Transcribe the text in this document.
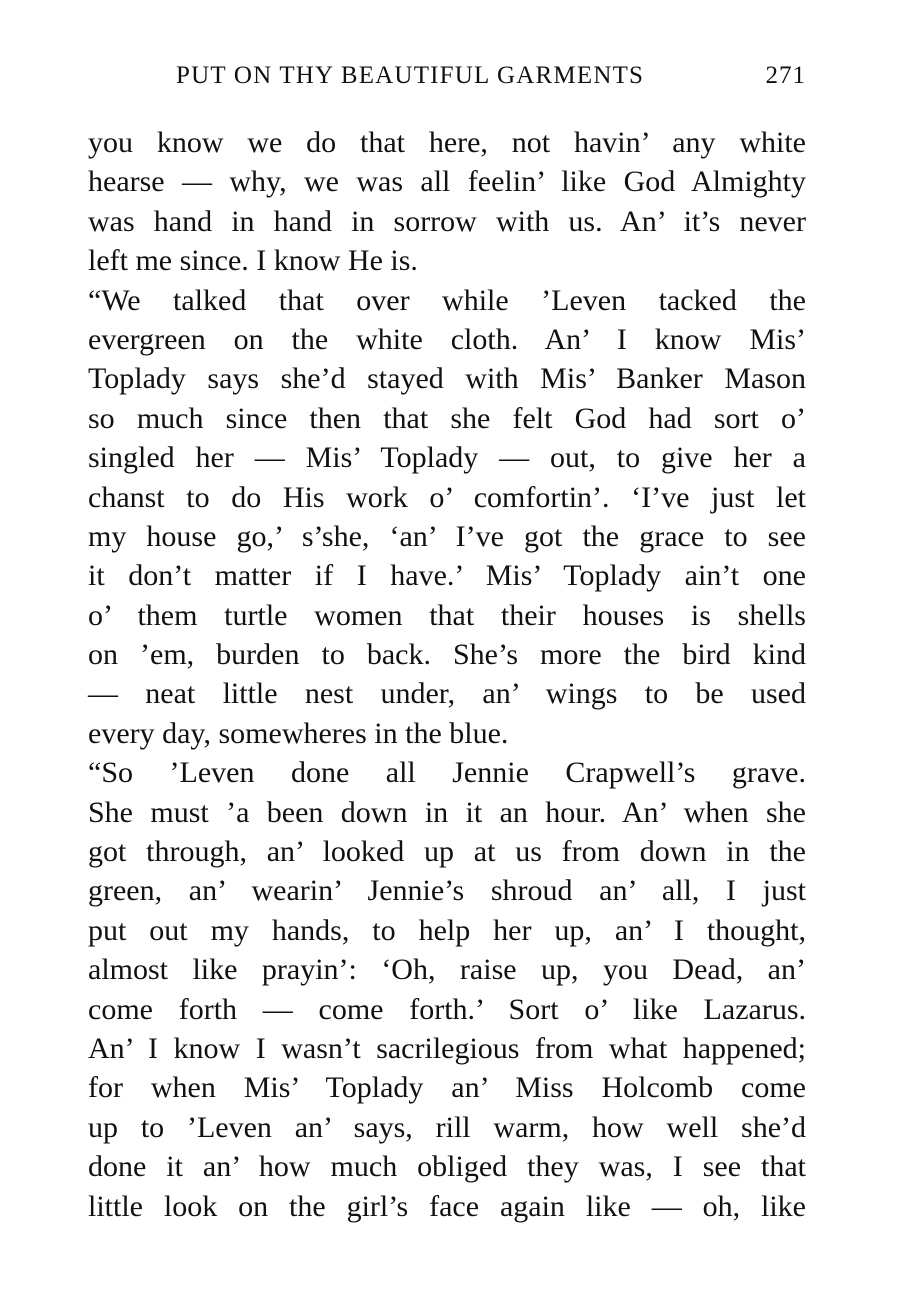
PUT ON THY BEAUTIFUL GARMENTS	271
you know we do that here, not havin’ any white
hearse — why, we was all feelin’ like God Almighty
was hand in hand in sorrow with us. An’ it’s never
left me since. I know He is.
“We talked that over while ’Leven tacked the
evergreen on the white cloth. An’ I know Mis’
Toplady says she’d stayed with Mis’ Banker Mason
so much since then that she felt God had sort o’
singled her — Mis’ Toplady — out, to give her a
chanst to do His work o’ comfortin’. ‘I’ve just let
my house go,’ s’she, ‘an’ I’ve got the grace to see
it don’t matter if I have.’ Mis’ Toplady ain’t one
o’ them turtle women that their houses is shells
on ’em, burden to back. She’s more the bird kind
— neat little nest under, an’ wings to be used
every day, somewheres in the blue.
“So ’Leven done all Jennie Crapwell’s grave.
She must ’a been down in it an hour. An’ when she
got through, an’ looked up at us from down in the
green, an’ wearin’ Jennie’s shroud an’ all, I just
put out my hands, to help her up, an’ I thought,
almost like prayin’: ‘Oh, raise up, you Dead, an’
come forth — come forth.’ Sort o’ like Lazarus.
An’ I know I wasn’t sacrilegious from what happened;
for when Mis’ Toplady an’ Miss Holcomb come
up to ’Leven an’ says, rill warm, how well she’d
done it an’ how much obliged they was, I see that
little look on the girl’s face again like — oh, like
